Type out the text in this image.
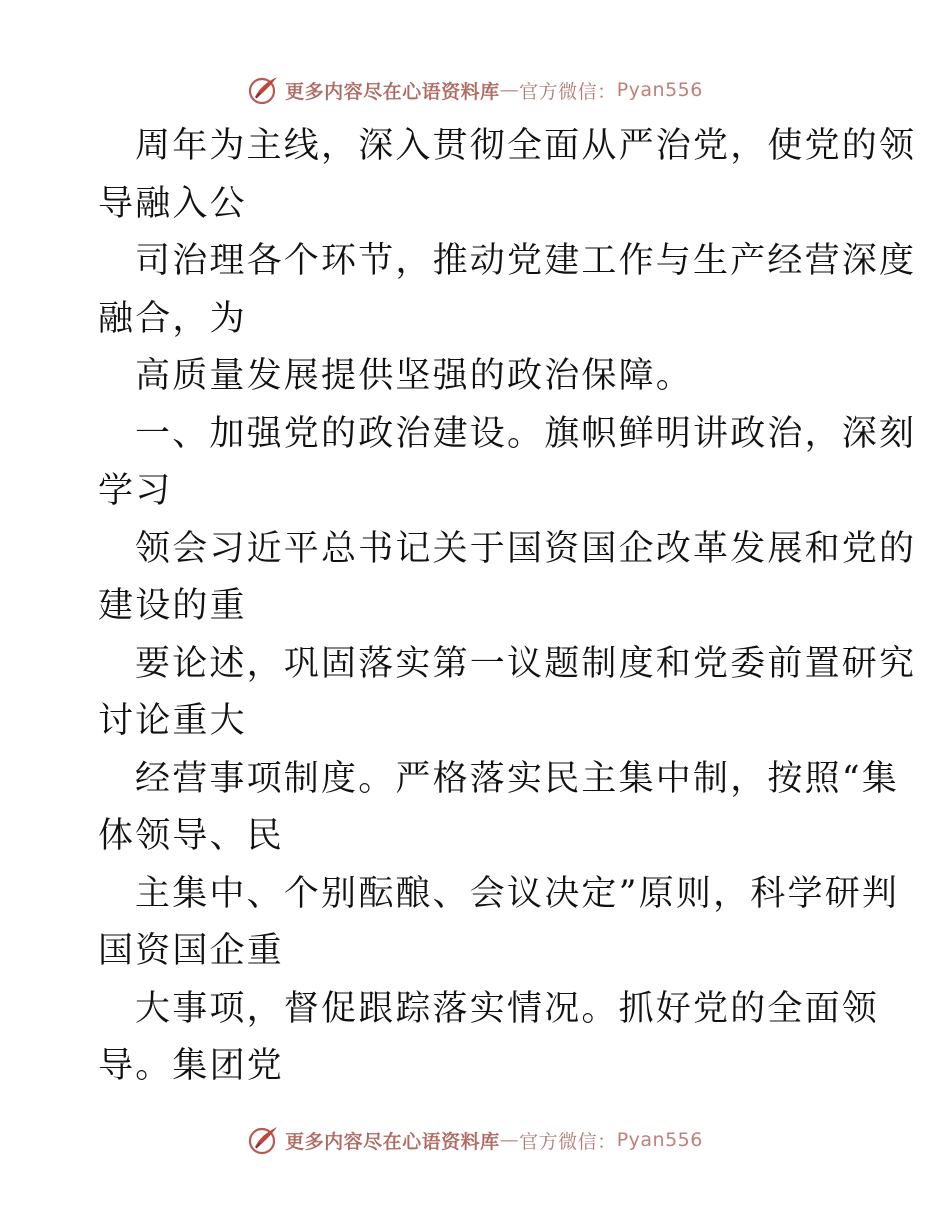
更多内容尽在心语资料库 — 官方微信： Pyan556
周年为主线，深入贯彻全面从严治党，使党的领
导融入公
司治理各个环节，推动党建工作与生产经营深度
融合，为
高质量发展提供坚强的政治保障。
一、加强党的政治建设。旗帜鲜明讲政治，深刻
学习
领会习近平总书记关于国资国企改革发展和党的
建设的重
要论述，巩固落实第一议题制度和党委前置研究
讨论重大
经营事项制度。严格落实民主集中制，按照“集
体领导、民
主集中、个别酝酿、会议决定”原则，科学研判
国资国企重
大事项，督促跟踪落实情况。抓好党的全面领
导。集团党
更多内容尽在心语资料库 — 官方微信： Pyan556
